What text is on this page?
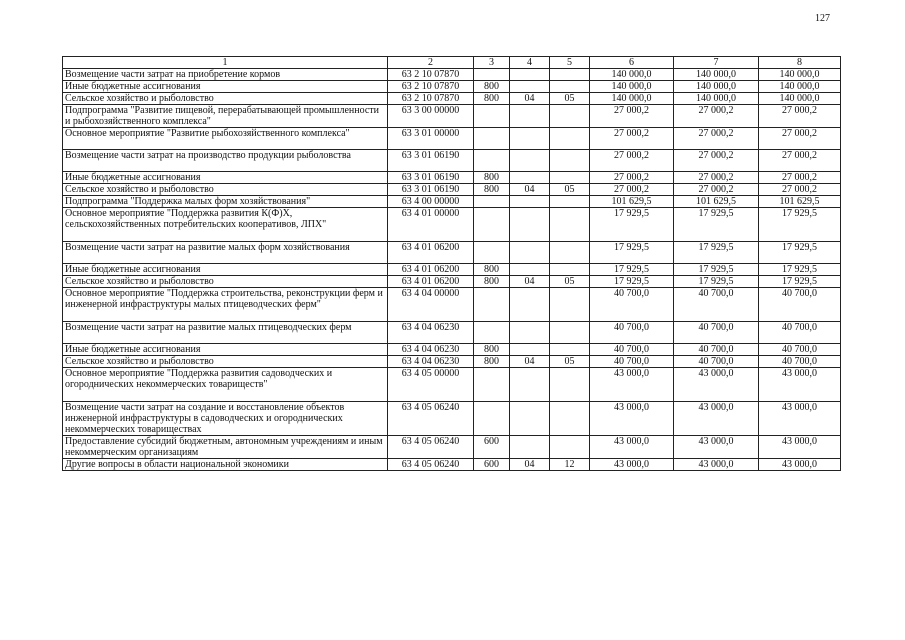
127
1	2	3	4	5	6	7	8
Возмещение части затрат на приобретение кормов	63 2 10 07870				140 000,0	140 000,0	140 000,0
Иные бюджетные ассигнования	63 2 10 07870	800			140 000,0	140 000,0	140 000,0
Сельское хозяйство и рыболовство	63 2 10 07870	800	04	05	140 000,0	140 000,0	140 000,0
Подпрограмма "Развитие пищевой, перерабатывающей промышленности и рыбохозяйственного комплекса"	63 3 00 00000				27 000,2	27 000,2	27 000,2
Основное мероприятие "Развитие рыбохозяйственного комплекса"	63 3 01 00000				27 000,2	27 000,2	27 000,2
Возмещение части затрат на производство продукции рыболовства	63 3 01 06190				27 000,2	27 000,2	27 000,2
Иные бюджетные ассигнования	63 3 01 06190	800			27 000,2	27 000,2	27 000,2
Сельское хозяйство и рыболовство	63 3 01 06190	800	04	05	27 000,2	27 000,2	27 000,2
Подпрограмма "Поддержка малых форм хозяйствования"	63 4 00 00000				101 629,5	101 629,5	101 629,5
Основное мероприятие "Поддержка развития К(Ф)Х, сельскохозяйственных потребительских кооперативов, ЛПХ"	63 4 01 00000				17 929,5	17 929,5	17 929,5
Возмещение части затрат на развитие малых форм хозяйствования	63 4 01 06200				17 929,5	17 929,5	17 929,5
Иные бюджетные ассигнования	63 4 01 06200	800			17 929,5	17 929,5	17 929,5
Сельское хозяйство и рыболовство	63 4 01 06200	800	04	05	17 929,5	17 929,5	17 929,5
Основное мероприятие "Поддержка строительства, реконструкции ферм и инженерной инфраструктуры малых птицеводческих ферм"	63 4 04 00000				40 700,0	40 700,0	40 700,0
Возмещение части затрат на развитие малых птицеводческих ферм	63 4 04 06230				40 700,0	40 700,0	40 700,0
Иные бюджетные ассигнования	63 4 04 06230	800			40 700,0	40 700,0	40 700,0
Сельское хозяйство и рыболовство	63 4 04 06230	800	04	05	40 700,0	40 700,0	40 700,0
Основное мероприятие "Поддержка развития садоводческих и огороднических некоммерческих товариществ"	63 4 05 00000				43 000,0	43 000,0	43 000,0
Возмещение части затрат на создание и восстановление объектов инженерной инфраструктуры в садоводческих и огороднических некоммерческих товариществах	63 4 05 06240				43 000,0	43 000,0	43 000,0
Предоставление субсидий бюджетным, автономным учреждениям и иным некоммерческим организациям	63 4 05 06240	600			43 000,0	43 000,0	43 000,0
Другие вопросы в области национальной экономики	63 4 05 06240	600	04	12	43 000,0	43 000,0	43 000,0
